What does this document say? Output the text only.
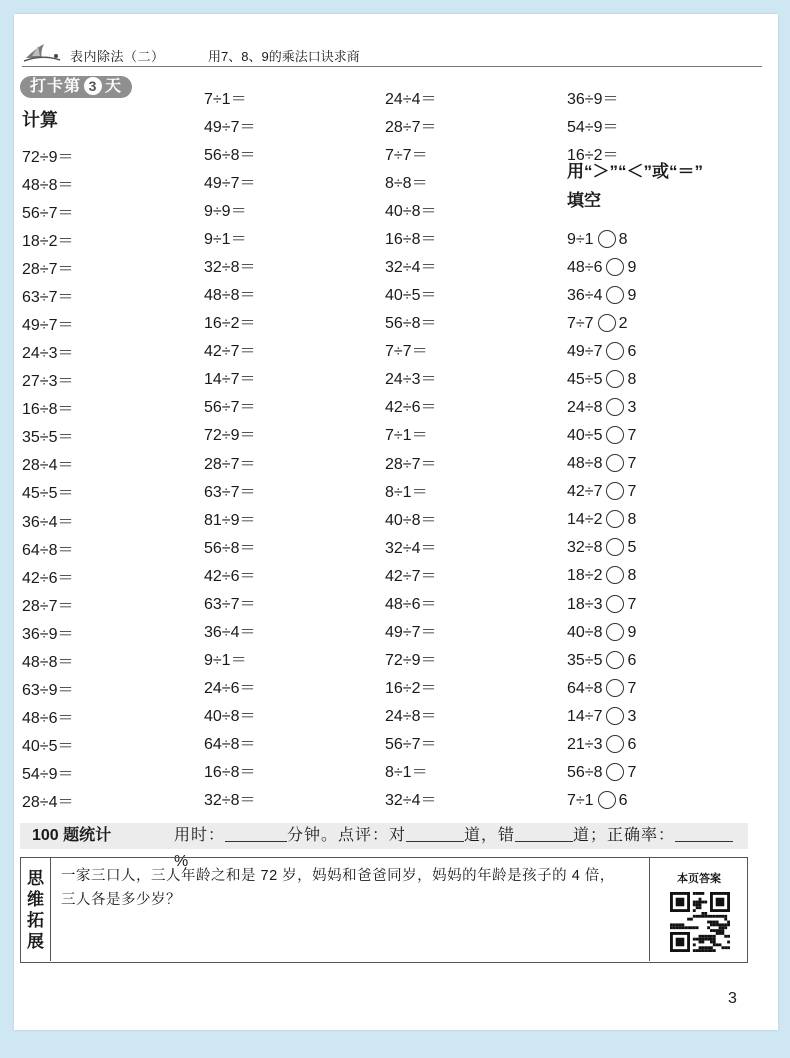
表内除法（二）	用7、8、9的乘法口诀求商
打卡第 3 天
计算
72÷9＝
48÷8＝
56÷7＝
18÷2＝
28÷7＝
63÷7＝
49÷7＝
24÷3＝
27÷3＝
16÷8＝
35÷5＝
28÷4＝
45÷5＝
36÷4＝
64÷8＝
42÷6＝
28÷7＝
36÷9＝
48÷8＝
63÷9＝
48÷6＝
40÷5＝
54÷9＝
28÷4＝
7÷1＝
49÷7＝
56÷8＝
49÷7＝
9÷9＝
9÷1＝
32÷8＝
48÷8＝
16÷2＝
42÷7＝
14÷7＝
56÷7＝
72÷9＝
28÷7＝
63÷7＝
81÷9＝
56÷8＝
42÷6＝
63÷7＝
36÷4＝
9÷1＝
24÷6＝
40÷8＝
64÷8＝
16÷8＝
32÷8＝
24÷4＝
28÷7＝
7÷7＝
8÷8＝
40÷8＝
16÷8＝
32÷4＝
40÷5＝
56÷8＝
7÷7＝
24÷3＝
42÷6＝
7÷1＝
28÷7＝
8÷1＝
40÷8＝
32÷4＝
42÷7＝
48÷6＝
49÷7＝
72÷9＝
16÷2＝
24÷8＝
56÷7＝
8÷1＝
32÷4＝
36÷9＝
54÷9＝
16÷2＝
9÷1 8
48÷6 9
36÷4 9
7÷7 2
49÷7 6
45÷5 8
24÷8 3
40÷5 7
48÷8 7
42÷7 7
14÷2 8
32÷8 5
18÷2 8
18÷3 7
40÷8 9
35÷5 6
64÷8 7
14÷7 3
21÷3 6
56÷8 7
7÷1 6
用“＞”“＜”或“＝”
填空
100 题统计	用时：	分钟。点评：对	道，错	道；正确率：%
思
维
拓
展
一家三口人，三人年龄之和是 72 岁，妈妈和爸爸同岁，妈妈的年龄是孩子的 4 倍，三人各是多少岁？
本页答案
3
